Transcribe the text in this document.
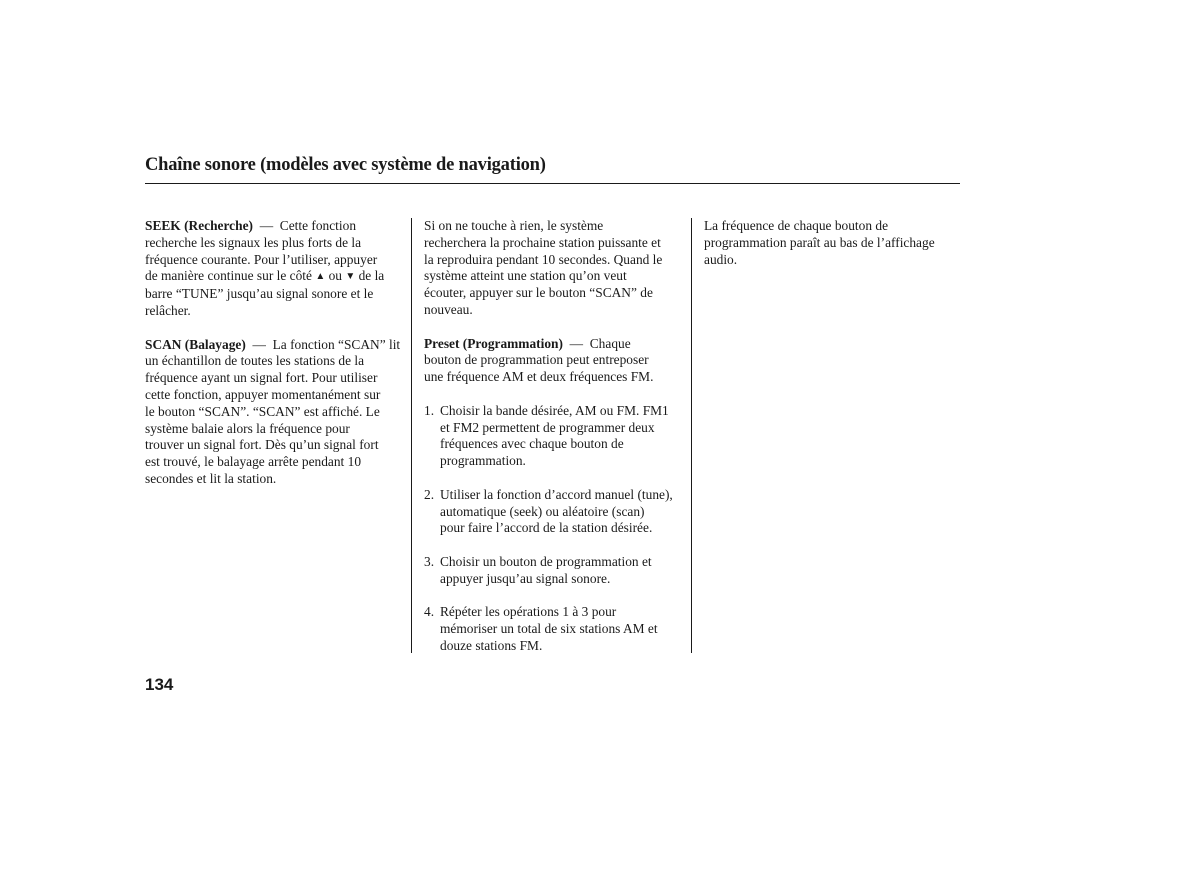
Chaîne sonore (modèles avec système de navigation)

SEEK (Recherche) — Cette fonction
recherche les signaux les plus forts de la
fréquence courante. Pour l’utiliser, appuyer
de manière continue sur le côté ▲ ou ▼ de la
barre “TUNE” jusqu’au signal sonore et le
relâcher.

SCAN (Balayage) — La fonction “SCAN” lit
un échantillon de toutes les stations de la
fréquence ayant un signal fort. Pour utiliser
cette fonction, appuyer momentanément sur
le bouton “SCAN”. “SCAN” est affiché. Le
système balaie alors la fréquence pour
trouver un signal fort. Dès qu’un signal fort
est trouvé, le balayage arrête pendant 10
secondes et lit la station.

Si on ne touche à rien, le système
recherchera la prochaine station puissante et
la reproduira pendant 10 secondes. Quand le
système atteint une station qu’on veut
écouter, appuyer sur le bouton “SCAN” de
nouveau.

Preset (Programmation) — Chaque
bouton de programmation peut entreposer
une fréquence AM et deux fréquences FM.

1. Choisir la bande désirée, AM ou FM. FM1
et FM2 permettent de programmer deux
fréquences avec chaque bouton de
programmation.
2. Utiliser la fonction d’accord manuel (tune),
automatique (seek) ou aléatoire (scan)
pour faire l’accord de la station désirée.
3. Choisir un bouton de programmation et
appuyer jusqu’au signal sonore.
4. Répéter les opérations 1 à 3 pour
mémoriser un total de six stations AM et
douze stations FM.

La fréquence de chaque bouton de
programmation paraît au bas de l’affichage
audio.

134
